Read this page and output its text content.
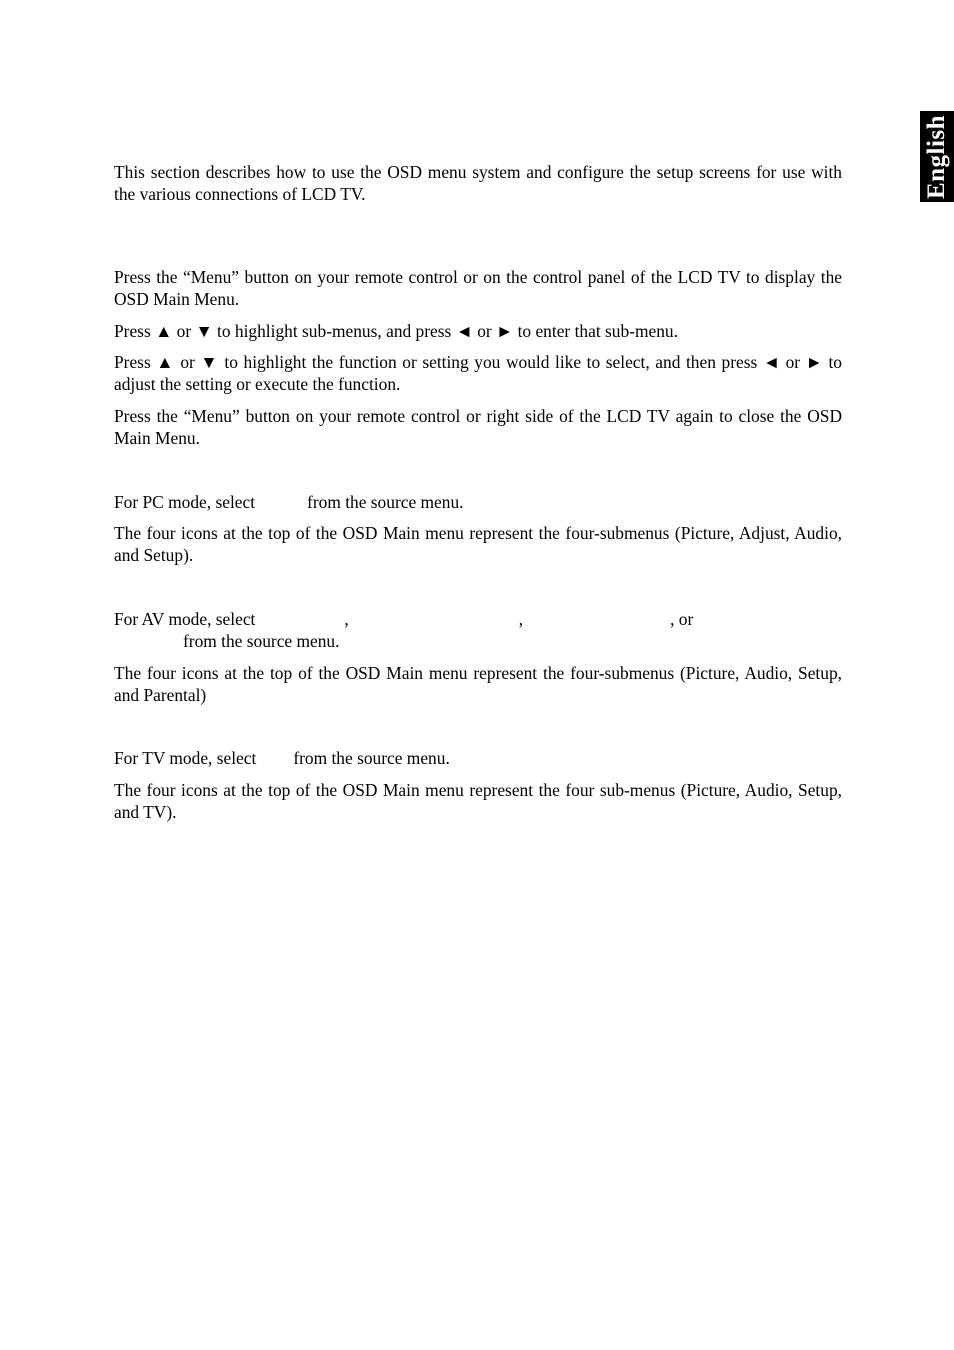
English

This section describes how to use the OSD menu system and configure the setup screens for use with the various connections of LCD TV.

Press the “Menu” button on your remote control or on the control panel of the LCD TV to display the OSD Main Menu.

Press ▲ or ▼ to highlight sub-menus, and press ◄ or ► to enter that sub-menu.

Press ▲ or ▼ to highlight the function or setting you would like to select, and then press ◄ or ► to adjust the setting or execute the function.

Press the “Menu” button on your remote control or right side of the LCD TV again to close the OSD Main Menu.

For PC mode, select	from the source menu.

The four icons at the top of the OSD Main menu represent the four-submenus (Picture, Adjust, Audio, and Setup).

For AV mode, select	,	,	, or
from the source menu.

The four icons at the top of the OSD Main menu represent the four-submenus (Picture, Audio, Setup, and Parental)

For TV mode, select from the source menu.

The four icons at the top of the OSD Main menu represent the four sub-menus (Picture, Audio, Setup, and TV).
